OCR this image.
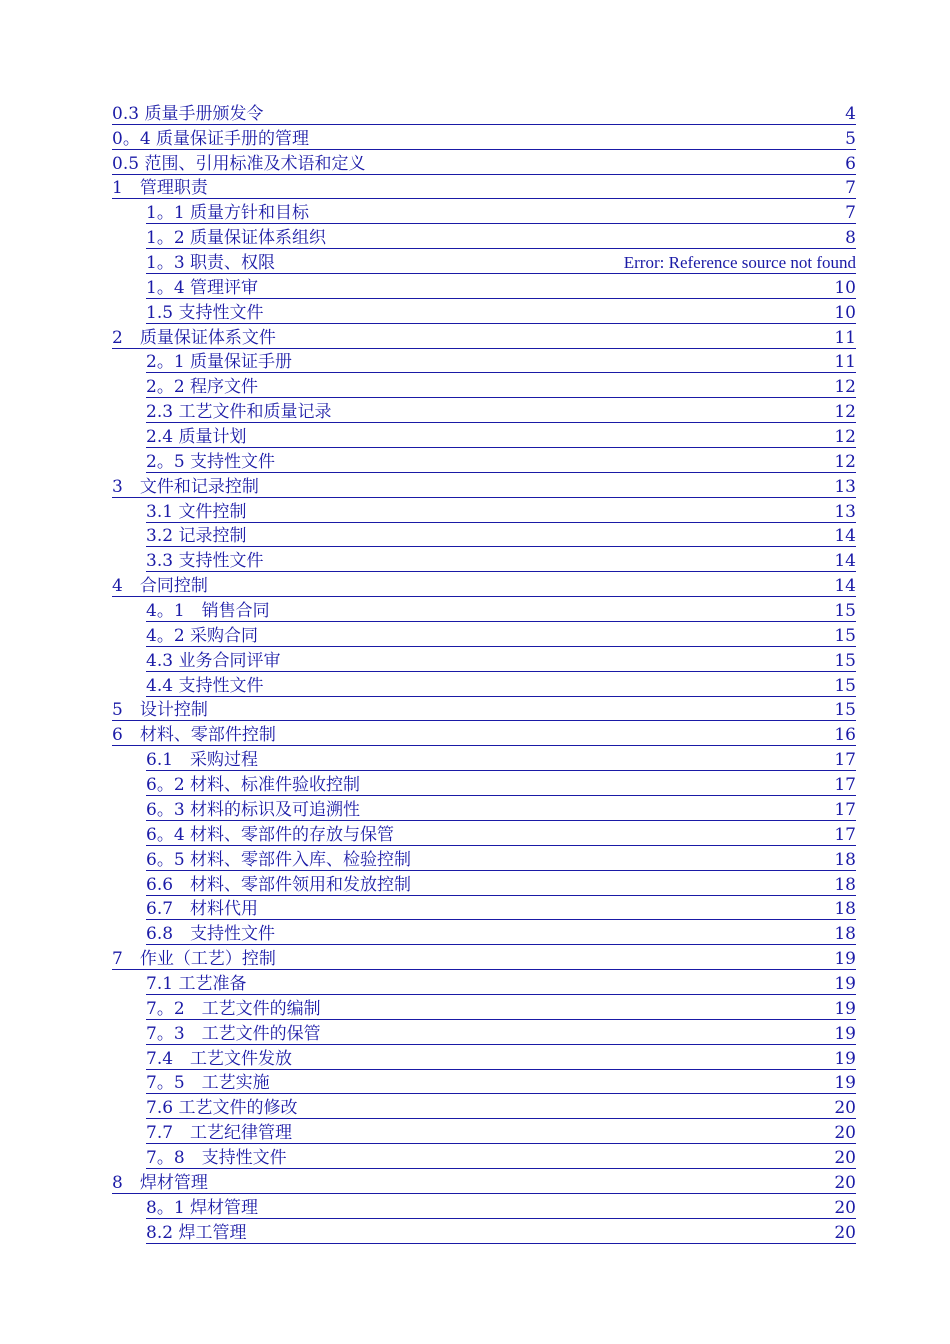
0.3 质量手册颁发令	4
0。4 质量保证手册的管理	5
0.5 范围、引用标准及术语和定义	6
1　管理职责	7
1。1 质量方针和目标	7
1。2 质量保证体系组织	8
1。3 职责、权限	Error: Reference source not found
1。4 管理评审	10
1.5 支持性文件	10
2　质量保证体系文件	11
2。1 质量保证手册	11
2。2 程序文件	12
2.3 工艺文件和质量记录	12
2.4 质量计划	12
2。5 支持性文件	12
3　文件和记录控制	13
3.1 文件控制	13
3.2 记录控制	14
3.3 支持性文件	14
4　合同控制	14
4。1　销售合同	15
4。2 采购合同	15
4.3 业务合同评审	15
4.4 支持性文件	15
5　设计控制	15
6　材料、零部件控制	16
6.1　采购过程	17
6。2 材料、标准件验收控制	17
6。3 材料的标识及可追溯性	17
6。4 材料、零部件的存放与保管	17
6。5 材料、零部件入库、检验控制	18
6.6　材料、零部件领用和发放控制	18
6.7　材料代用	18
6.8　支持性文件	18
7　作业（工艺）控制	19
7.1 工艺准备	19
7。2　工艺文件的编制	19
7。3　工艺文件的保管	19
7.4　工艺文件发放	19
7。5　工艺实施	19
7.6 工艺文件的修改	20
7.7　工艺纪律管理	20
7。8　支持性文件	20
8　焊材管理	20
8。1 焊材管理	20
8.2 焊工管理	20
